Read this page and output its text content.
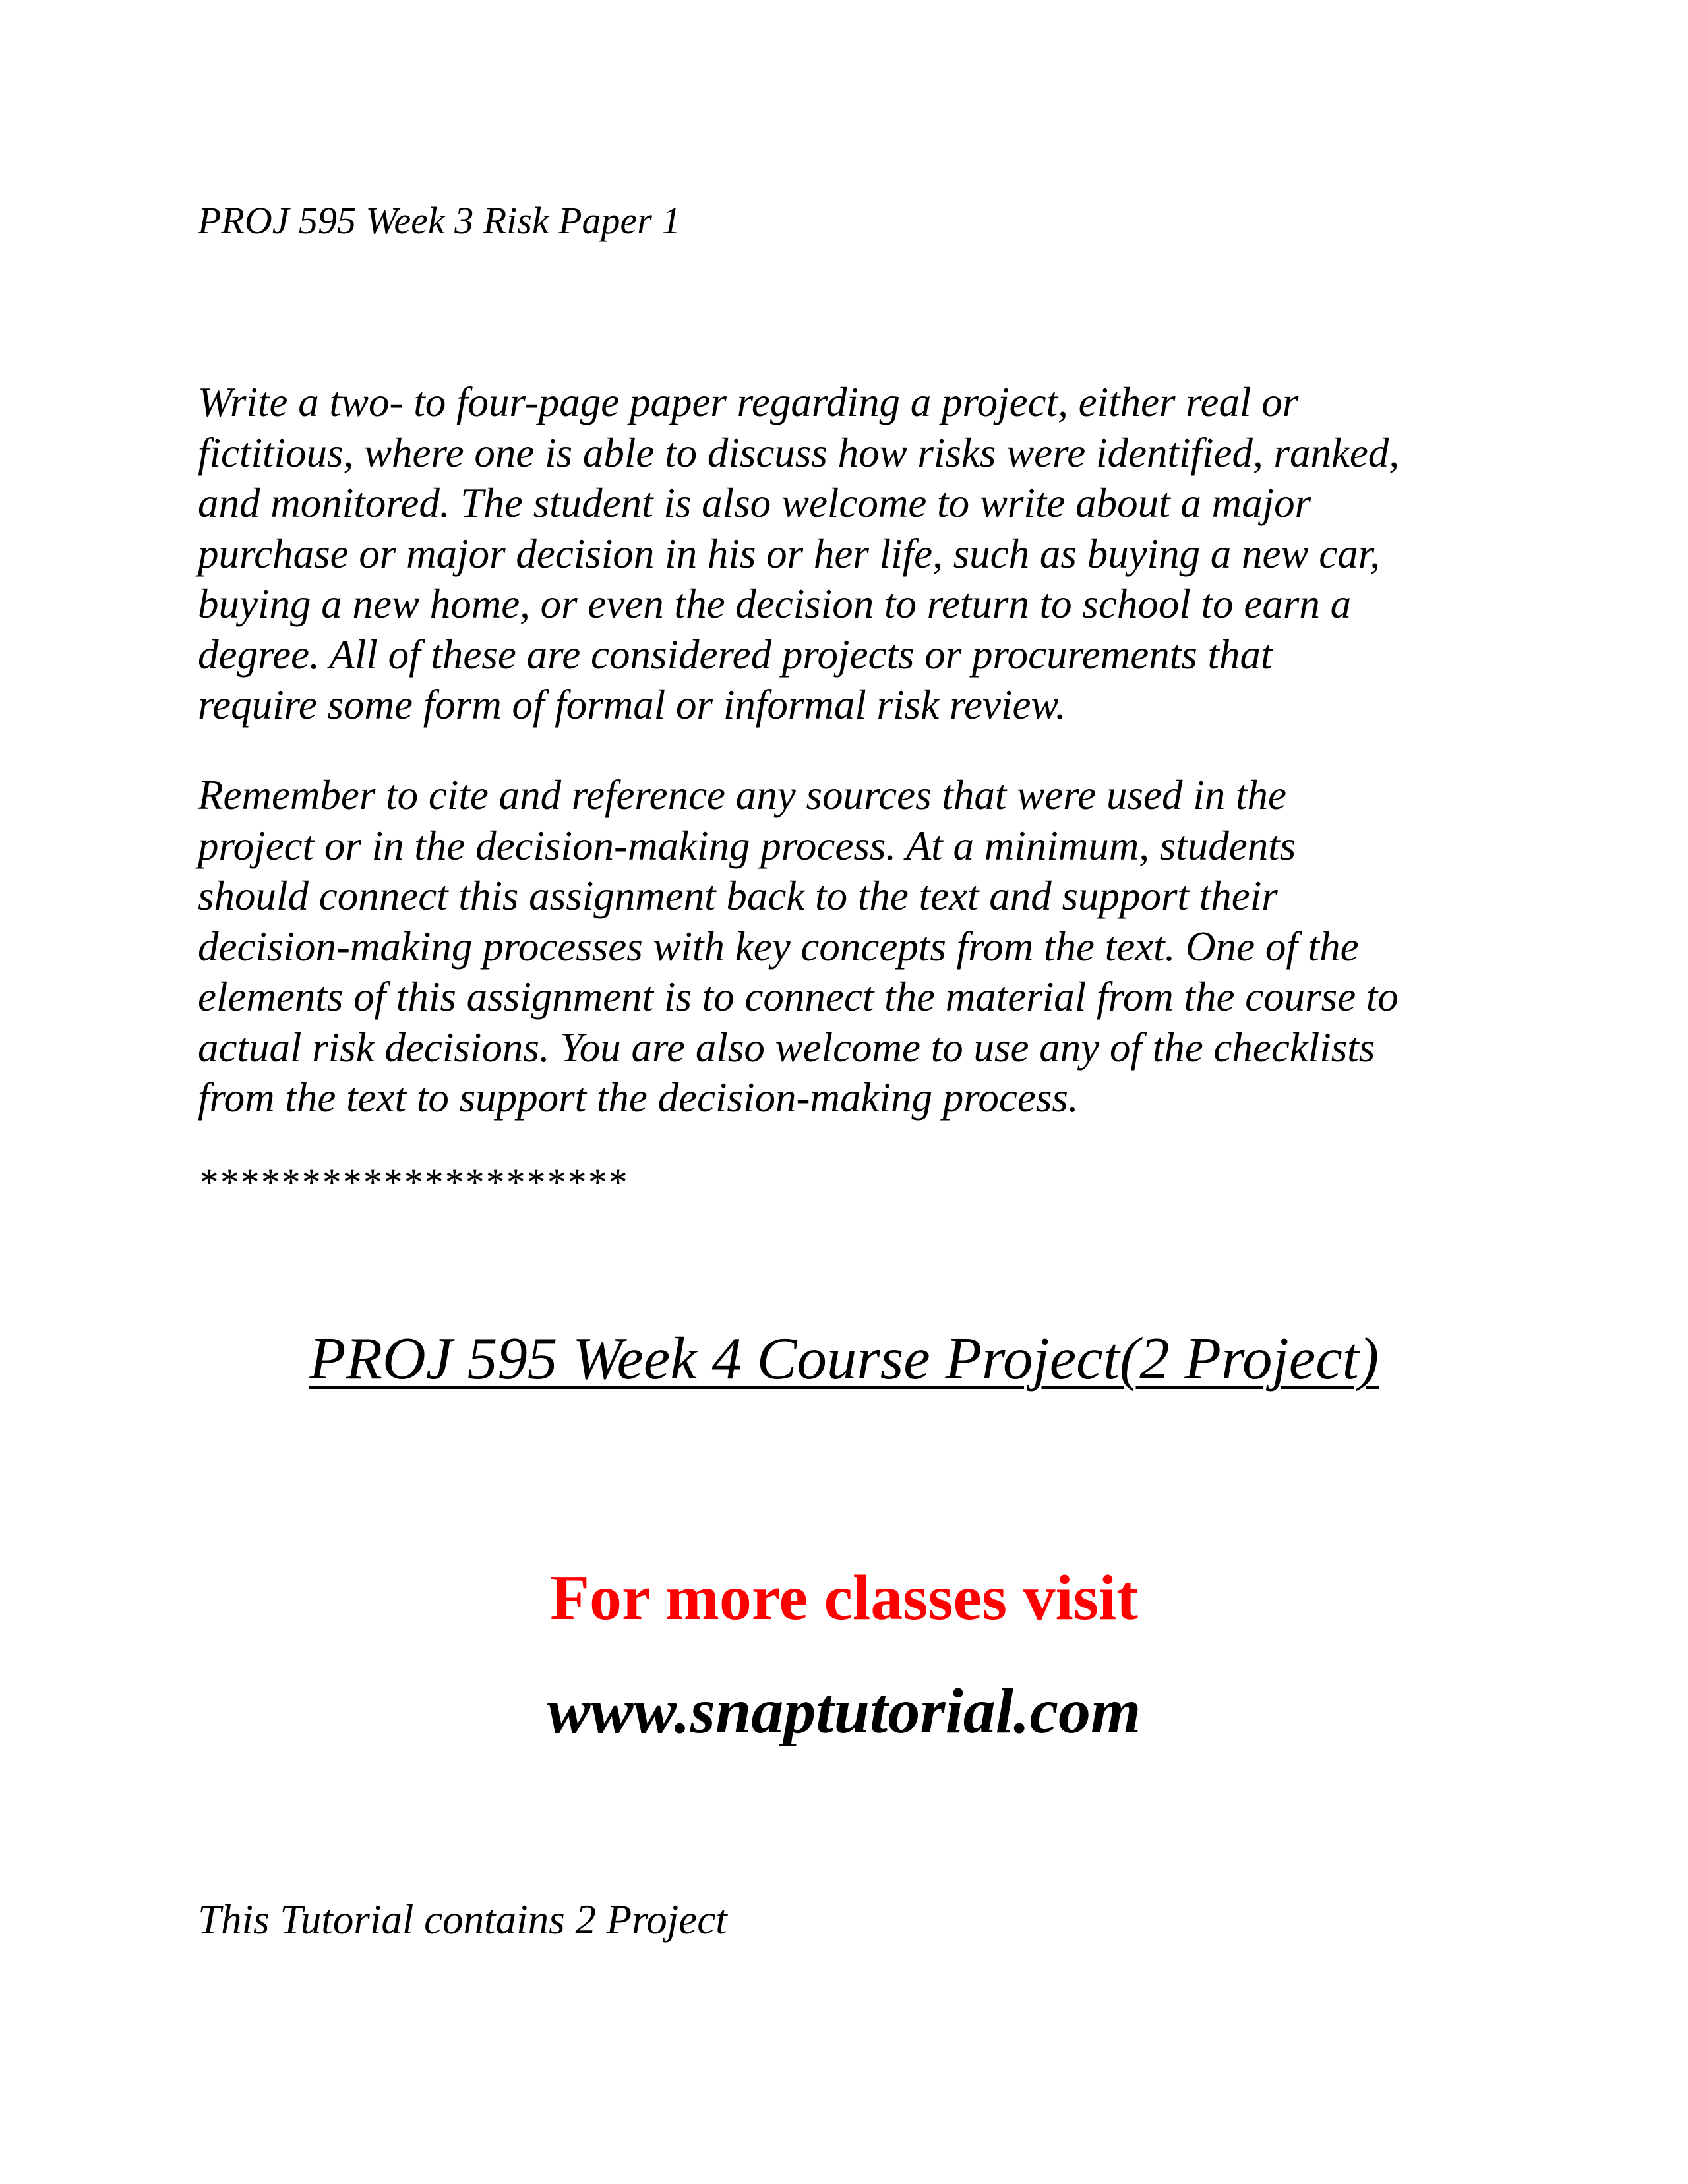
PROJ 595 Week 3 Risk Paper 1

Write a two- to four-page paper regarding a project, either real or
fictitious, where one is able to discuss how risks were identified, ranked,
and monitored. The student is also welcome to write about a major
purchase or major decision in his or her life, such as buying a new car,
buying a new home, or even the decision to return to school to earn a
degree. All of these are considered projects or procurements that
require some form of formal or informal risk review.

Remember to cite and reference any sources that were used in the
project or in the decision-making process. At a minimum, students
should connect this assignment back to the text and support their
decision-making processes with key concepts from the text. One of the
elements of this assignment is to connect the material from the course to
actual risk decisions. You are also welcome to use any of the checklists
from the text to support the decision-making process.

*********************
PROJ 595 Week 4 Course Project(2 Project)
For more classes visit
www.snaptutorial.com
This Tutorial contains 2 Project
